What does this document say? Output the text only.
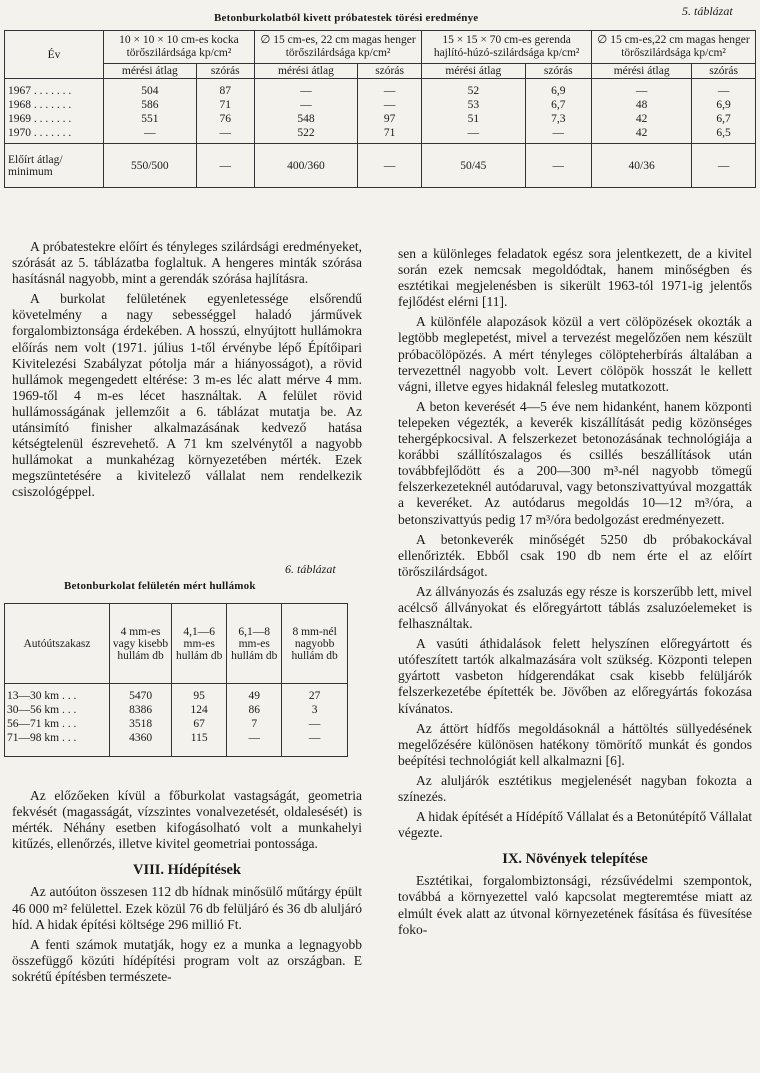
5. táblázat
Betonburkolatból kivett próbatestek törési eredménye
Év	10 × 10 × 10 cm-es kocka törőszilárdsága kp/cm²		∅ 15 cm-es, 22 cm magas henger törőszilárdsága kp/cm²		15 × 15 × 70 cm-es gerenda hajlító-húzó-szilárdsága kp/cm²		∅ 15 cm-es,22 cm magas henger törőszilárdsága kp/cm²	
	mérési átlag	szórás	mérési átlag	szórás	mérési átlag	szórás	mérési átlag	szórás
1967 . . . . . . .	504	87	—	—	52	6,9	—	—
1968 . . . . . . .	586	71	—	—	53	6,7	48	6,9
1969 . . . . . . .	551	76	548	97	51	7,3	42	6,7
1970 . . . . . . .	—	—	522	71	—	—	42	6,5
Előírt átlag/ minimum	550/500	—	400/360	—	50/45	—	40/36	—

A próbatestekre előírt és tényleges szilárdsági eredményeket, szórását az 5. táblázatba foglaltuk. A hengeres minták szórása hasításnál nagyobb, mint a gerendák szórása hajlításra.

A burkolat felületének egyenletessége elsőrendű követelmény a nagy sebességgel haladó járművek forgalombiztonsága érdekében. A hosszú, elnyújtott hullámokra előírás nem volt (1971. július 1-től érvénybe lépő Építőipari Kivitelezési Szabályzat pótolja már a hiányosságot), a rövid hullámok megengedett eltérése: 3 m-es léc alatt mérve 4 mm. 1969-től 4 m-es lécet használtak. A felület rövid hullámosságának jellemzőit a 6. táblázat mutatja be. Az utánsimító finisher alkalmazásának kedvező hatása kétségtelenül észrevehető. A 71 km szelvénytől a nagyobb hullámokat a munkahézag környezetében mérték. Ezek megszüntetésére a kivitelező vállalat nem rendelkezik csiszológéppel.

6. táblázat
Betonburkolat felületén mért hullámok
Autóútszakasz	4 mm-es vagy kisebb hullám db	4,1—6 mm-es hullám db	6,1—8 mm-es hullám db	8 mm-nél nagyobb hullám db
13—30 km . . .	5470	95	49	27
30—56 km . . .	8386	124	86	3
56—71 km . . .	3518	67	7	—
71—98 km . . .	4360	115	—	—

Az előzőeken kívül a főburkolat vastagságát, geometria fekvését (magasságát, vízszintes vonalvezetését, oldalesését) is mérték. Néhány esetben kifogásolható volt a munkahelyi kitűzés, ellenőrzés, illetve kivitel geometriai pontossága.

VIII. Hídépítések

Az autóúton összesen 112 db hídnak minősülő műtárgy épült 46 000 m² felülettel. Ezek közül 76 db felüljáró és 36 db aluljáró híd. A hidak építési költsége 296 millió Ft.

A fenti számok mutatják, hogy ez a munka a legnagyobb összefüggő közúti hídépítési program volt az országban. E sokrétű építésben természete-

sen a különleges feladatok egész sora jelentkezett, de a kivitel során ezek nemcsak megoldódtak, hanem minőségben és esztétikai megjelenésben is sikerült 1963-tól 1971-ig jelentős fejlődést elérni [11].

A különféle alapozások közül a vert cölöpözések okozták a legtöbb meglepetést, mivel a tervezést megelőzően nem készült próbacölöpözés. A mért tényleges cölöpteherbírás általában a tervezettnél nagyobb volt. Levert cölöpök hosszát le kellett vágni, illetve egyes hidaknál felesleg mutatkozott.

A beton keverését 4—5 éve nem hidanként, hanem központi telepeken végezték, a keverék kiszállítását pedig közönséges tehergépkocsival. A felszerkezet betonozásának technológiája a korábbi szállítószalagos és csillés beszállítások után továbbfejlődött és a 200—300 m³-nél nagyobb tömegű felszerkezeteknél autódaruval, vagy betonszivattyúval mozgatták a keveréket. Az autódarus megoldás 10—12 m³/óra, a betonszivattyús pedig 17 m³/óra bedolgozást eredményezett.

A betonkeverék minőségét 5250 db próbakockával ellenőrizték. Ebből csak 190 db nem érte el az előírt törőszilárdságot.

Az állványozás és zsaluzás egy része is korszerűbb lett, mivel acélcső állványokat és előregyártott táblás zsaluzóelemeket is felhasználtak.

A vasúti áthidalások felett helyszínen előregyártott és utófeszített tartók alkalmazására volt szükség. Központi telepen gyártott vasbeton hídgerendákat csak kisebb felüljárók felszerkezetébe építették be. Jövőben az előregyártás fokozása kívánatos.

Az áttört hídfős megoldásoknál a háttöltés süllyedésének megelőzésére különösen hatékony tömörítő munkát és gondos beépítési technológiát kell alkalmazni [6].

Az aluljárók esztétikus megjelenését nagyban fokozta a színezés.

A hidak építését a Hídépítő Vállalat és a Betonútépítő Vállalat végezte.

IX. Növények telepítése

Esztétikai, forgalombiztonsági, rézsűvédelmi szempontok, továbbá a környezettel való kapcsolat megteremtése miatt az elmúlt évek alatt az útvonal környezetének fásítása és füvesítése foko-
